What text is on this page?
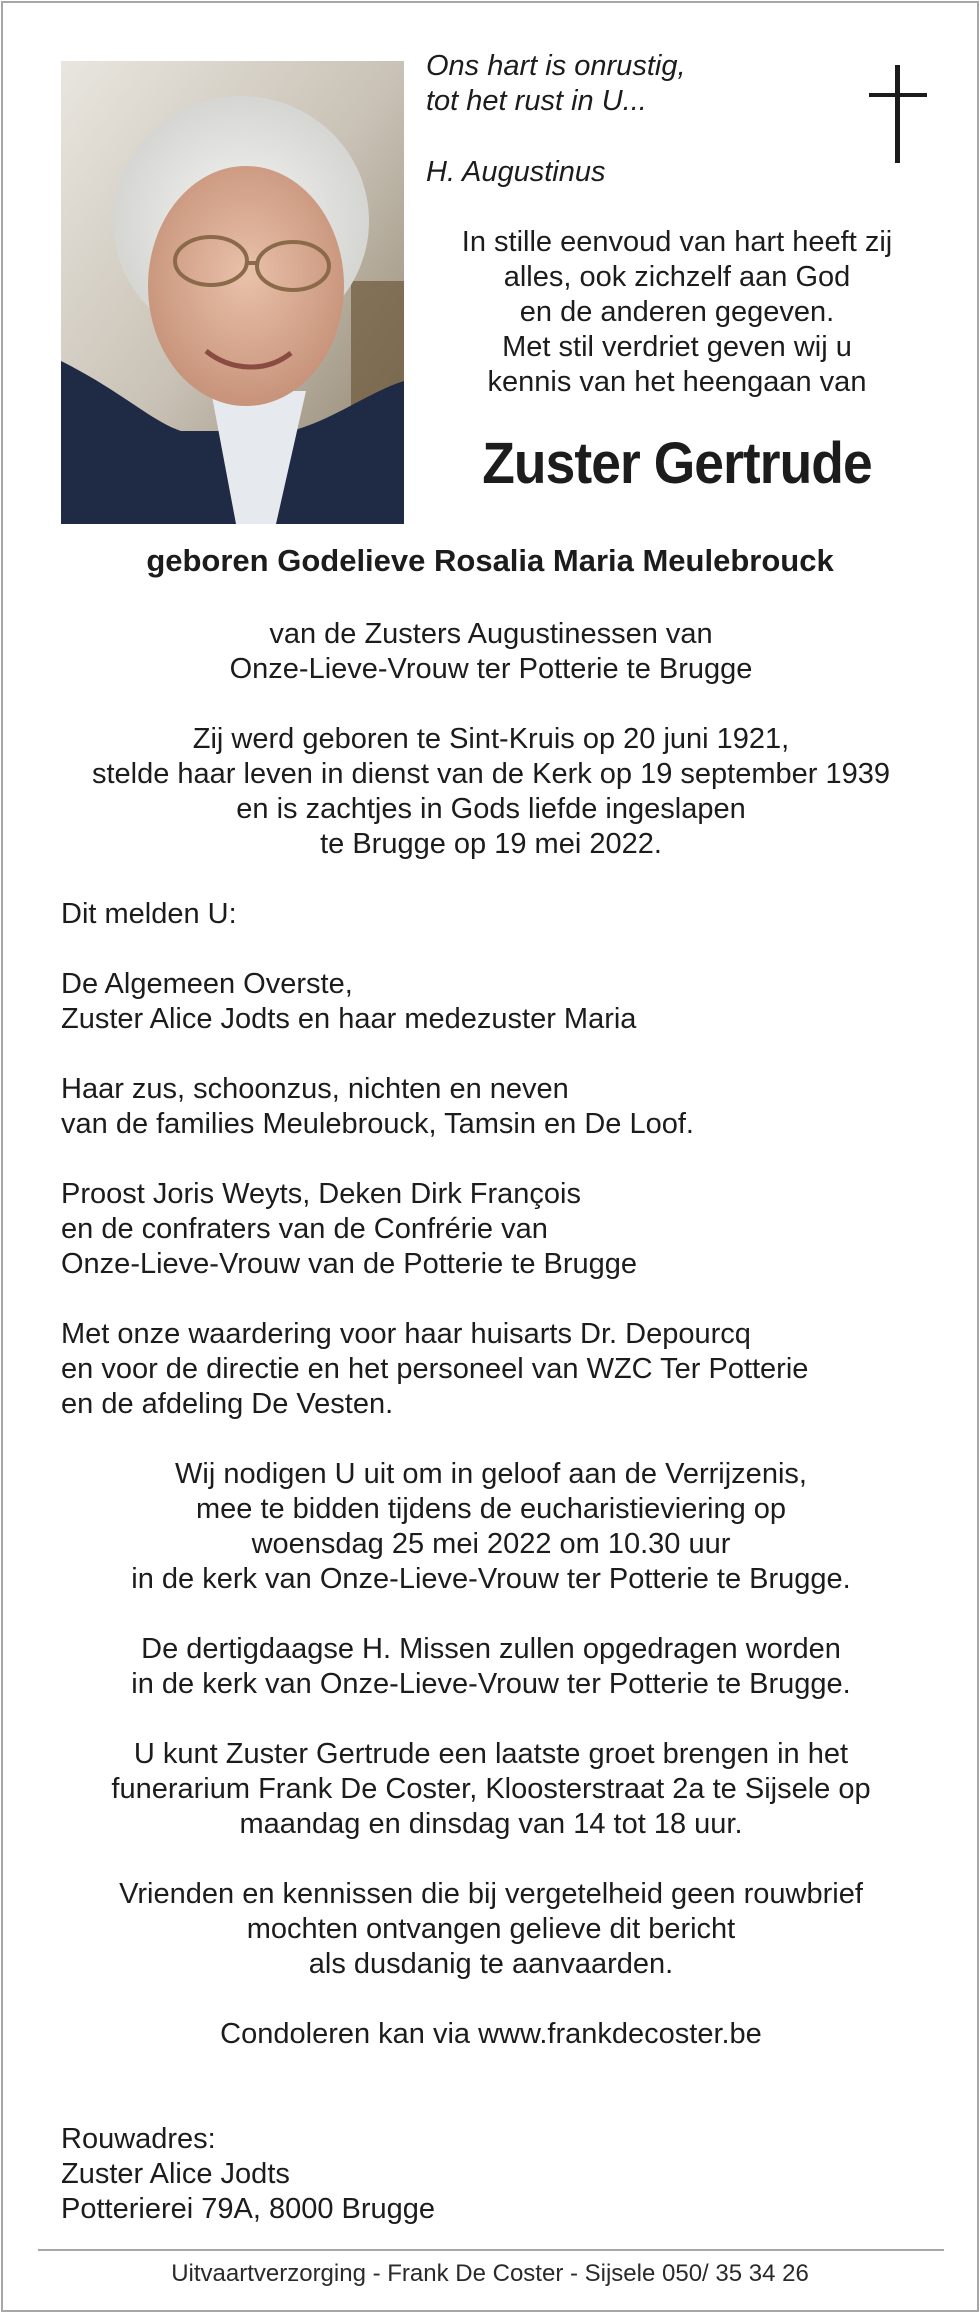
Ons hart is onrustig,
tot het rust in U...
H. Augustinus
In stille eenvoud van hart heeft zij
alles, ook zichzelf aan God
en de anderen gegeven.
Met stil verdriet geven wij u
kennis van het heengaan van
Zuster Gertrude
geboren Godelieve Rosalia Maria Meulebrouck
van de Zusters Augustinessen van
Onze-Lieve-Vrouw ter Potterie te Brugge
Zij werd geboren te Sint-Kruis op 20 juni 1921,
stelde haar leven in dienst van de Kerk op 19 september 1939
en is zachtjes in Gods liefde ingeslapen
te Brugge op 19 mei 2022.

Dit melden U:

De Algemeen Overste,
Zuster Alice Jodts en haar medezuster Maria
Haar zus, schoonzus, nichten en neven
van de families Meulebrouck, Tamsin en De Loof.
Proost Joris Weyts, Deken Dirk François
en de confraters van de Confrérie van
Onze-Lieve-Vrouw van de Potterie te Brugge
Met onze waardering voor haar huisarts Dr. Depourcq
en voor de directie en het personeel van WZC Ter Potterie
en de afdeling De Vesten.
Wij nodigen U uit om in geloof aan de Verrijzenis,
mee te bidden tijdens de eucharistieviering op
woensdag 25 mei 2022 om 10.30 uur
in de kerk van Onze-Lieve-Vrouw ter Potterie te Brugge.
De dertigdaagse H. Missen zullen opgedragen worden
in de kerk van Onze-Lieve-Vrouw ter Potterie te Brugge.
U kunt Zuster Gertrude een laatste groet brengen in het
funerarium Frank De Coster, Kloosterstraat 2a te Sijsele op
maandag en dinsdag van 14 tot 18 uur.
Vrienden en kennissen die bij vergetelheid geen rouwbrief
mochten ontvangen gelieve dit bericht
als dusdanig te aanvaarden.

Condoleren kan via www.frankdecoster.be

Rouwadres:
Zuster Alice Jodts
Potterierei 79A, 8000 Brugge
Uitvaartverzorging - Frank De Coster - Sijsele 050/ 35 34 26
